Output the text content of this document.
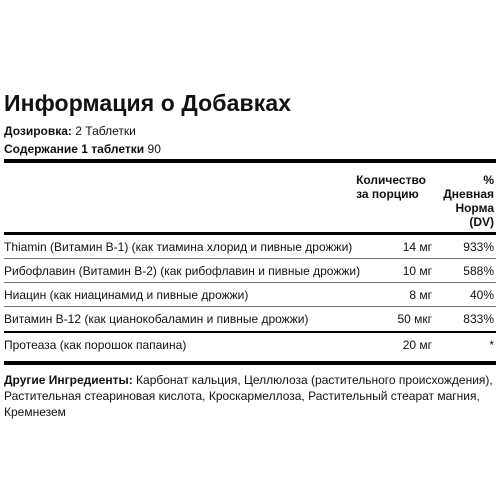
Информация о Добавках
Дозировка: 2 Таблетки
Содержание 1 таблетки 90
Количество
за порцию
%
Дневная
Норма
(DV)
Thiamin (Витамин B-1) (как тиамина хлорид и пивные дрожжи)	14 мг	933%
Рибофлавин (Витамин B-2) (как рибофлавин и пивные дрожжи)	10 мг	588%
Ниацин (как ниацинамид и пивные дрожжи)	8 мг	40%
Витамин B-12 (как цианокобаламин и пивные дрожжи)	50 мкг	833%
Протеаза (как порошок папаина)	20 мг	*
Другие Ингредиенты: Карбонат кальция, Целлюлоза (растительного происхождения), Растительная стеариновая кислота, Кроскармеллоза, Растительный стеарат магния, Кремнезем
